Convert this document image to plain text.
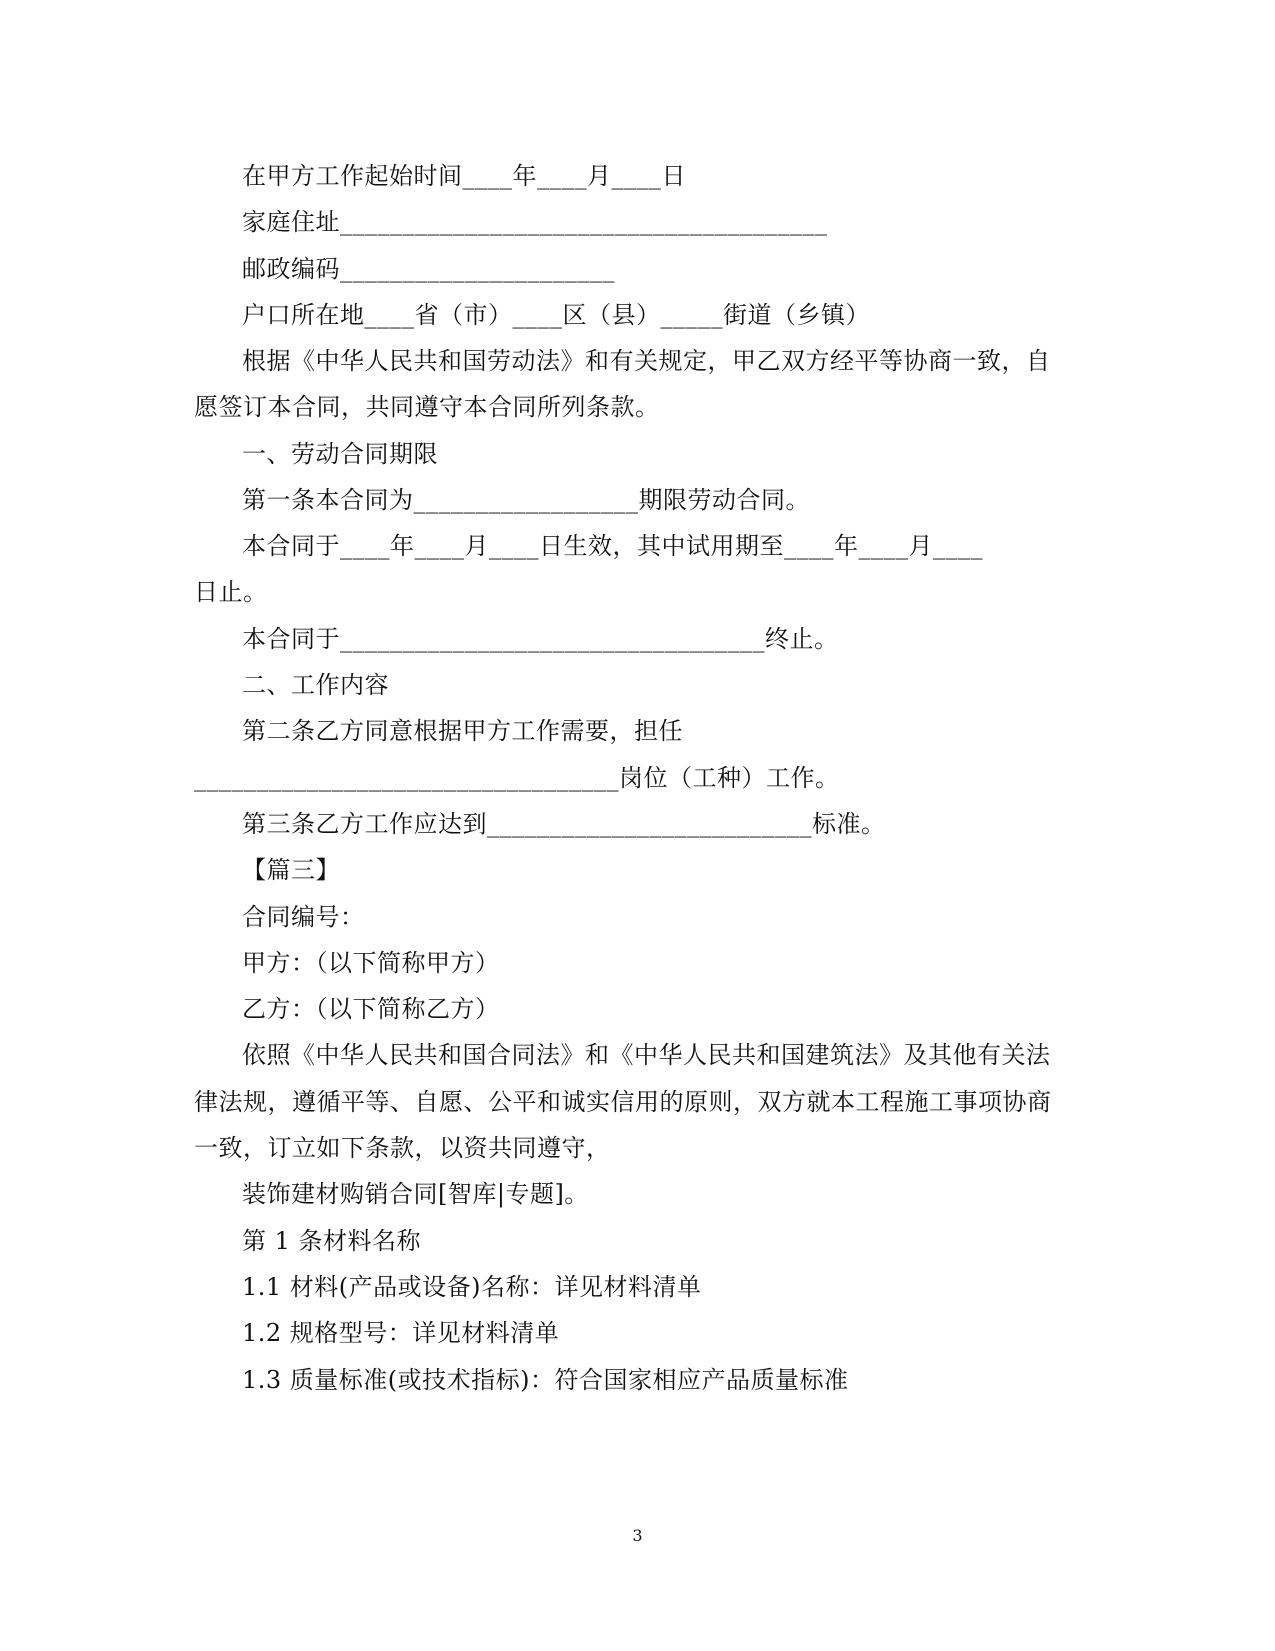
在甲方工作起始时间____年____月____日
家庭住址_______________________________________
邮政编码______________________
户口所在地____省（市）____区（县）_____街道（乡镇）
根据《中华人民共和国劳动法》和有关规定，甲乙双方经平等协商一致，自
愿签订本合同，共同遵守本合同所列条款。
一、劳动合同期限
第一条本合同为__________________期限劳动合同。
本合同于____年____月____日生效，其中试用期至____年____月____
日止。
本合同于__________________________________终止。
二、工作内容
第二条乙方同意根据甲方工作需要，担任
__________________________________岗位（工种）工作。
第三条乙方工作应达到__________________________标准。
【篇三】
合同编号：
甲方：（以下简称甲方）
乙方：（以下简称乙方）
依照《中华人民共和国合同法》和《中华人民共和国建筑法》及其他有关法
律法规，遵循平等、自愿、公平和诚实信用的原则，双方就本工程施工事项协商
一致，订立如下条款，以资共同遵守，
装饰建材购销合同[智库|专题]。
第 1 条材料名称
1.1 材料(产品或设备)名称：详见材料清单
1.2 规格型号：详见材料清单
1.3 质量标准(或技术指标)：符合国家相应产品质量标准
3
